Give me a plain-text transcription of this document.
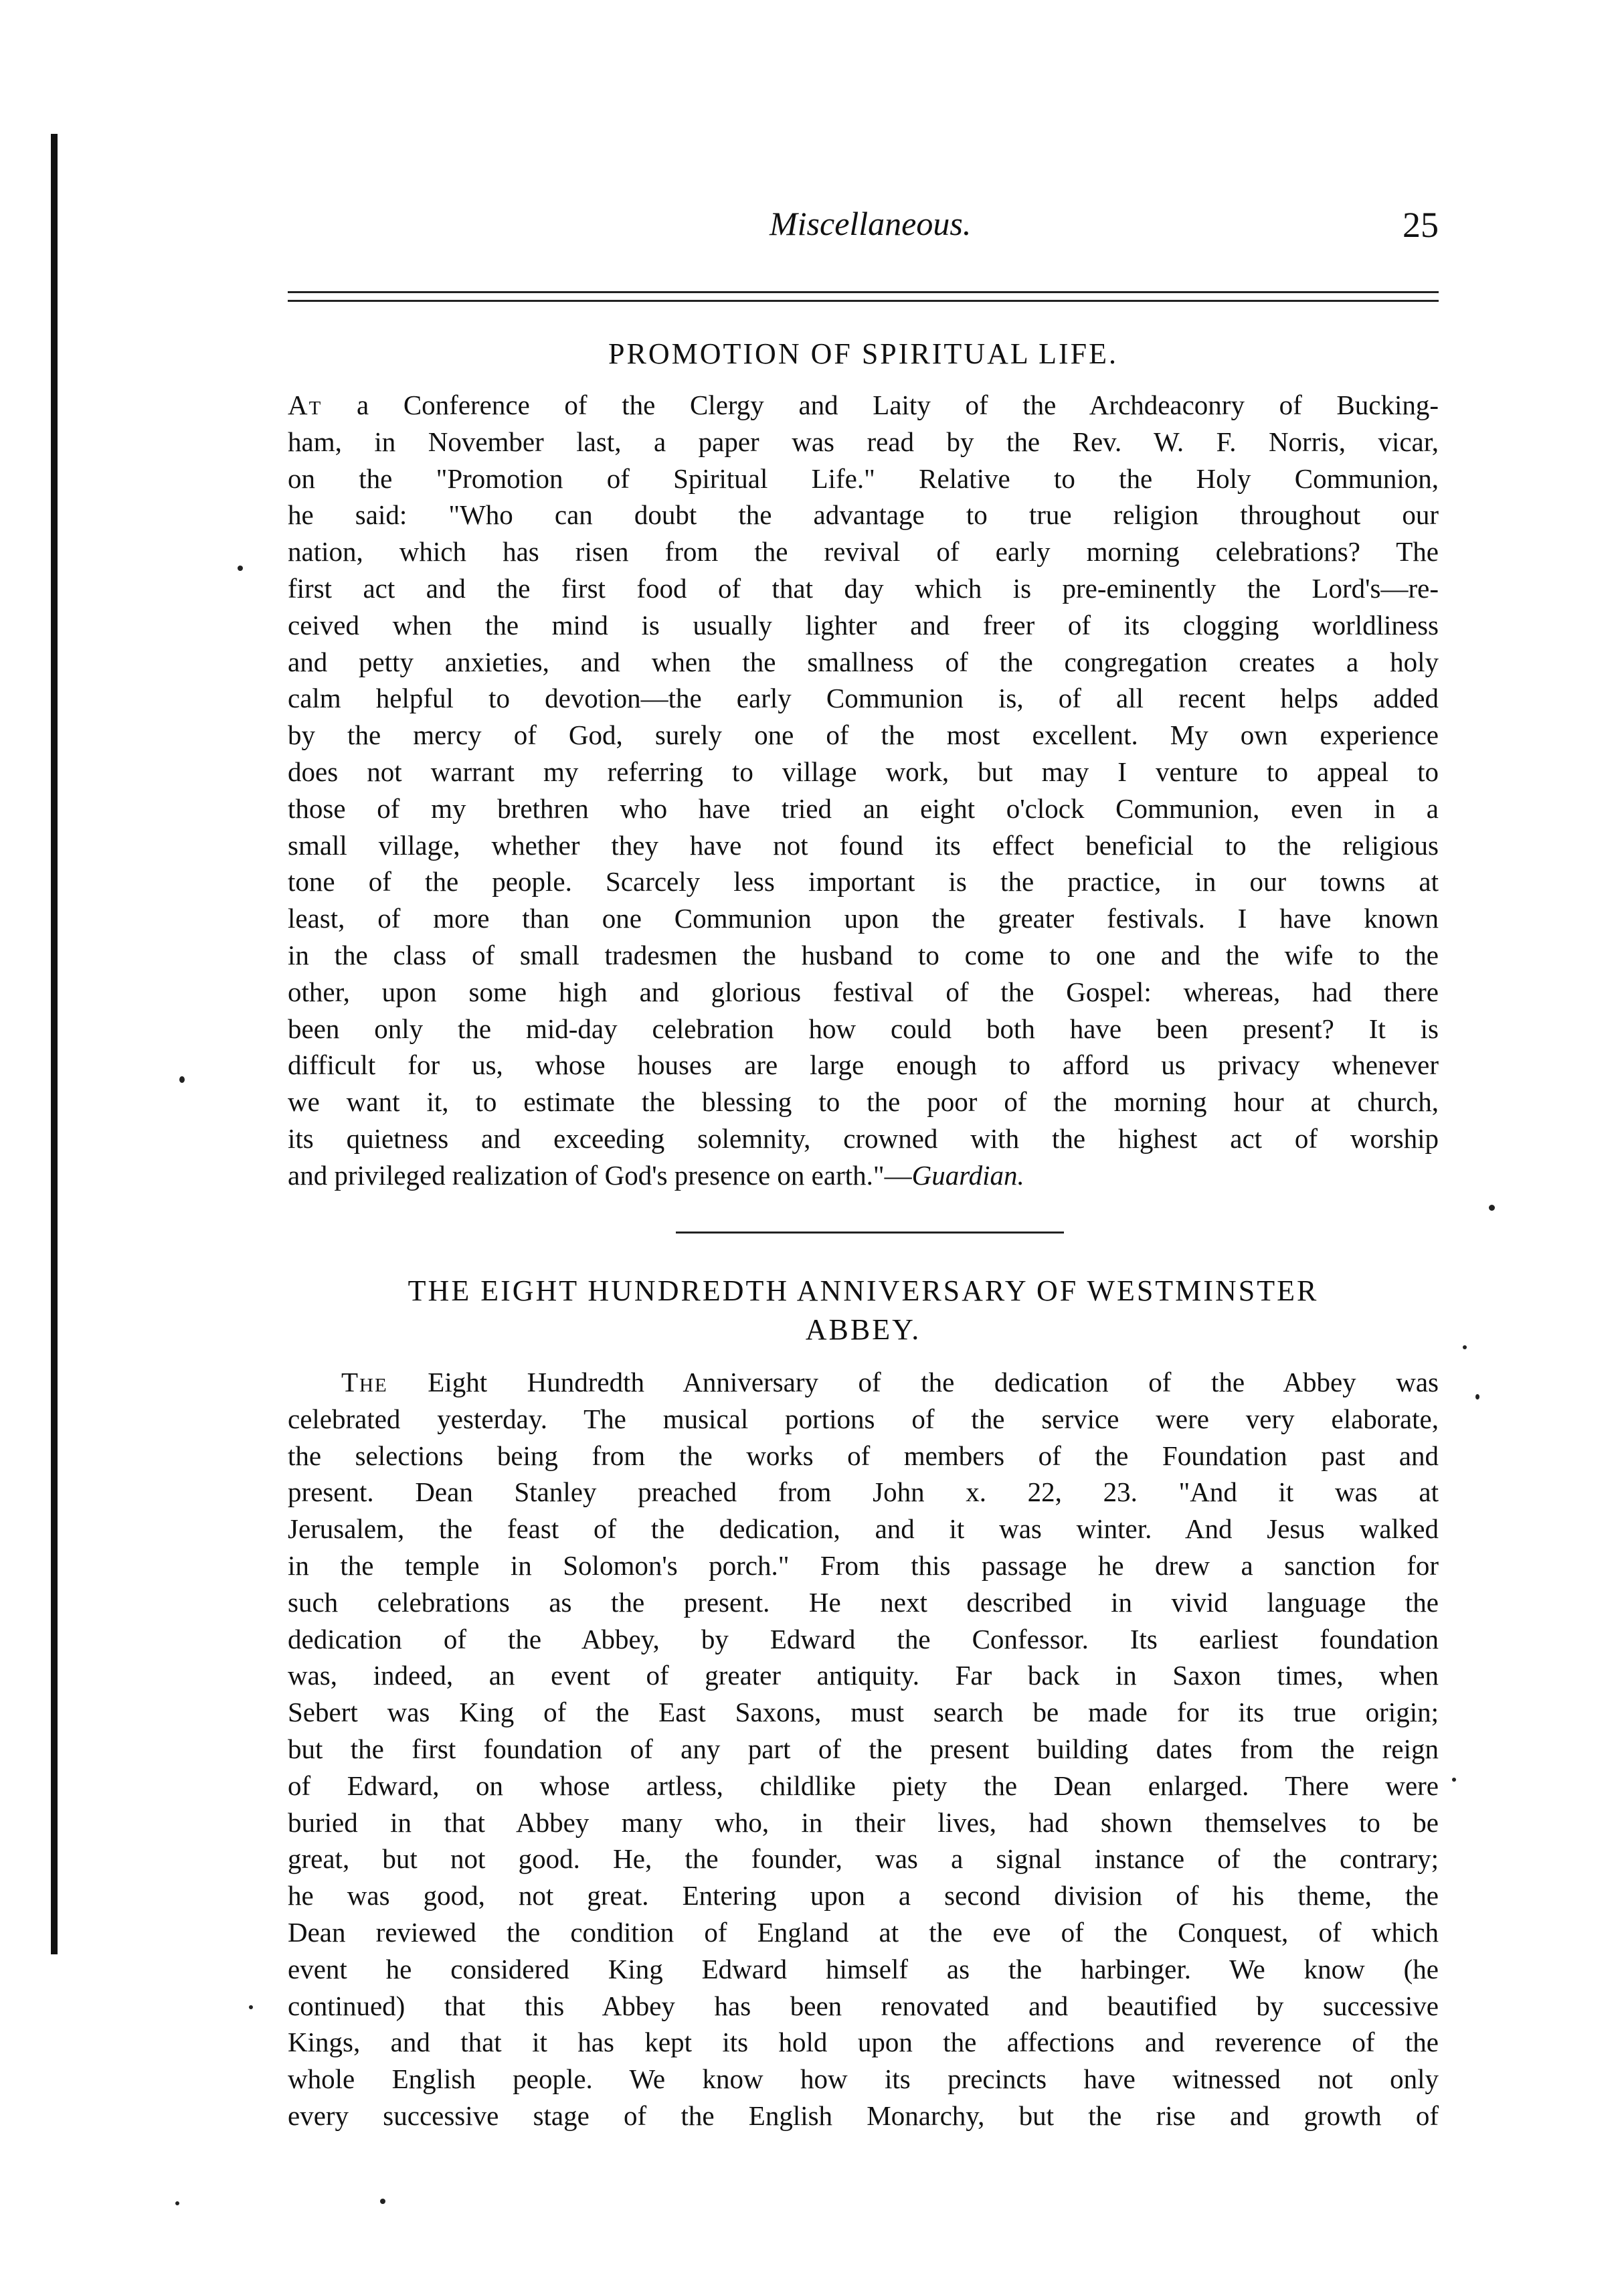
Miscellaneous.	25
PROMOTION OF SPIRITUAL LIFE.
At a Conference of the Clergy and Laity of the Archdeaconry of Bucking-
ham, in November last, a paper was read by the Rev. W. F. Norris, vicar,
on the "Promotion of Spiritual Life." Relative to the Holy Communion,
he said: "Who can doubt the advantage to true religion throughout our
nation, which has risen from the revival of early morning celebrations? The
first act and the first food of that day which is pre-eminently the Lord's—re-
ceived when the mind is usually lighter and freer of its clogging worldliness
and petty anxieties, and when the smallness of the congregation creates a holy
calm helpful to devotion—the early Communion is, of all recent helps added
by the mercy of God, surely one of the most excellent. My own experience
does not warrant my referring to village work, but may I venture to appeal to
those of my brethren who have tried an eight o'clock Communion, even in a
small village, whether they have not found its effect beneficial to the religious
tone of the people. Scarcely less important is the practice, in our towns at
least, of more than one Communion upon the greater festivals. I have known
in the class of small tradesmen the husband to come to one and the wife to the
other, upon some high and glorious festival of the Gospel: whereas, had there
been only the mid-day celebration how could both have been present? It is
difficult for us, whose houses are large enough to afford us privacy whenever
we want it, to estimate the blessing to the poor of the morning hour at church,
its quietness and exceeding solemnity, crowned with the highest act of worship
and privileged realization of God's presence on earth."—Guardian.
THE EIGHT HUNDREDTH ANNIVERSARY OF WESTMINSTER
ABBEY.
The Eight Hundredth Anniversary of the dedication of the Abbey was
celebrated yesterday. The musical portions of the service were very elaborate,
the selections being from the works of members of the Foundation past and
present. Dean Stanley preached from John x. 22, 23. "And it was at
Jerusalem, the feast of the dedication, and it was winter. And Jesus walked
in the temple in Solomon's porch." From this passage he drew a sanction for
such celebrations as the present. He next described in vivid language the
dedication of the Abbey, by Edward the Confessor. Its earliest foundation
was, indeed, an event of greater antiquity. Far back in Saxon times, when
Sebert was King of the East Saxons, must search be made for its true origin;
but the first foundation of any part of the present building dates from the reign
of Edward, on whose artless, childlike piety the Dean enlarged. There were
buried in that Abbey many who, in their lives, had shown themselves to be
great, but not good. He, the founder, was a signal instance of the contrary;
he was good, not great. Entering upon a second division of his theme, the
Dean reviewed the condition of England at the eve of the Conquest, of which
event he considered King Edward himself as the harbinger. We know (he
continued) that this Abbey has been renovated and beautified by successive
Kings, and that it has kept its hold upon the affections and reverence of the
whole English people. We know how its precincts have witnessed not only
every successive stage of the English Monarchy, but the rise and growth of
